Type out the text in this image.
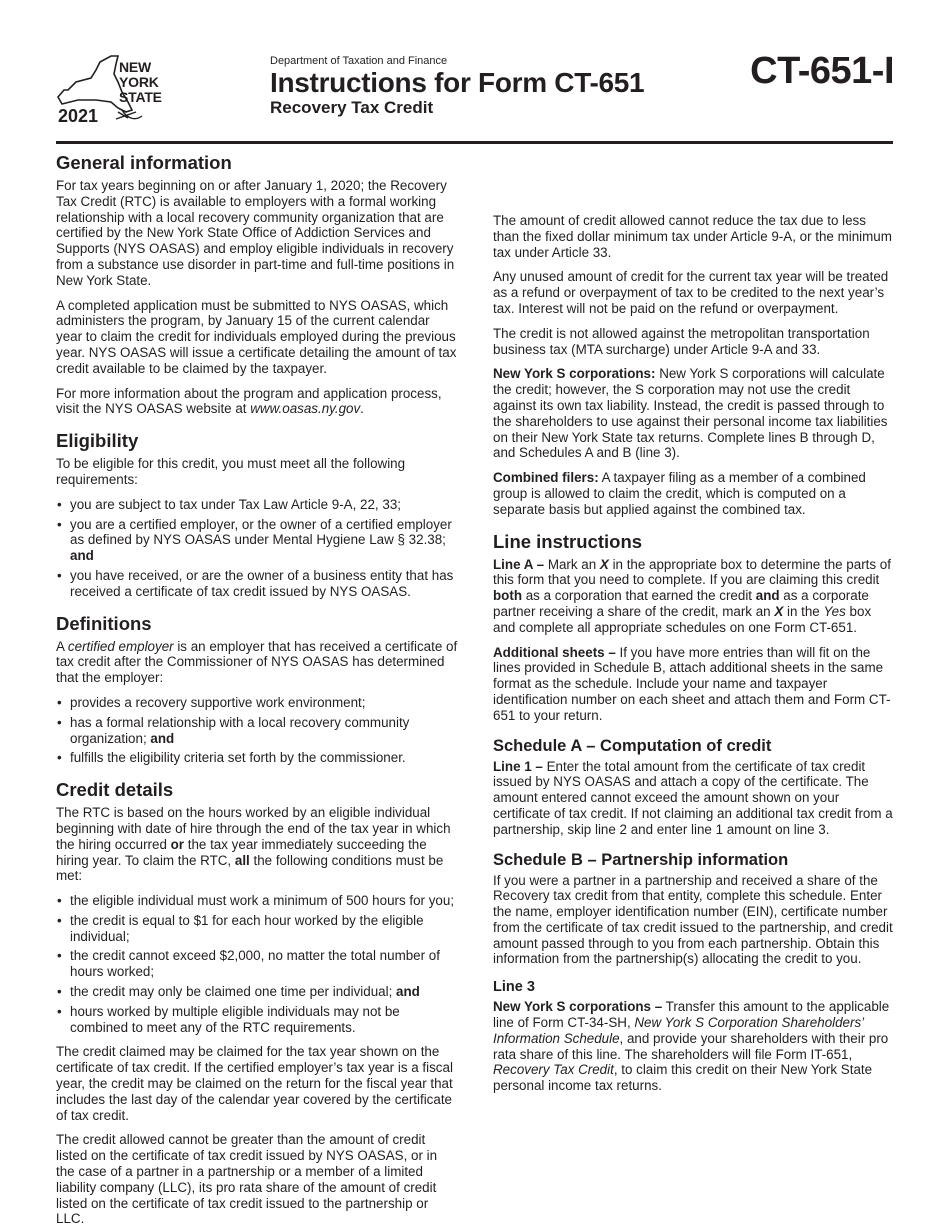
NEW YORK STATE
2021
Department of Taxation and Finance
Instructions for Form CT-651
Recovery Tax Credit
CT-651-I
General information

For tax years beginning on or after January 1, 2020; the Recovery Tax Credit (RTC) is available to employers with a formal working relationship with a local recovery community organization that are certified by the New York State Office of Addiction Services and Supports (NYS OASAS) and employ eligible individuals in recovery from a substance use disorder in part-time and full-time positions in New York State.

A completed application must be submitted to NYS OASAS, which administers the program, by January 15 of the current calendar year to claim the credit for individuals employed during the previous year. NYS OASAS will issue a certificate detailing the amount of tax credit available to be claimed by the taxpayer.

For more information about the program and application process, visit the NYS OASAS website at www.oasas.ny.gov.

Eligibility

To be eligible for this credit, you must meet all the following requirements:

• you are subject to tax under Tax Law Article 9-A, 22, 33;
• you are a certified employer, or the owner of a certified employer as defined by NYS OASAS under Mental Hygiene Law § 32.38; and
• you have received, or are the owner of a business entity that has received a certificate of tax credit issued by NYS OASAS.
Definitions

A certified employer is an employer that has received a certificate of tax credit after the Commissioner of NYS OASAS has determined that the employer:

• provides a recovery supportive work environment;
• has a formal relationship with a local recovery community organization; and
• fulfills the eligibility criteria set forth by the commissioner.
Credit details

The RTC is based on the hours worked by an eligible individual beginning with date of hire through the end of the tax year in which the hiring occurred or the tax year immediately succeeding the hiring year. To claim the RTC, all the following conditions must be met:

• the eligible individual must work a minimum of 500 hours for you;
• the credit is equal to $1 for each hour worked by the eligible individual;
• the credit cannot exceed $2,000, no matter the total number of hours worked;
• the credit may only be claimed one time per individual; and
• hours worked by multiple eligible individuals may not be combined to meet any of the RTC requirements.

The credit claimed may be claimed for the tax year shown on the certificate of tax credit. If the certified employer’s tax year is a fiscal year, the credit may be claimed on the return for the fiscal year that includes the last day of the calendar year covered by the certificate of tax credit.

The credit allowed cannot be greater than the amount of credit listed on the certificate of tax credit issued by NYS OASAS, or in the case of a partner in a partnership or a member of a limited liability company (LLC), its pro rata share of the amount of credit listed on the certificate of tax credit issued to the partnership or LLC.

The amount of credit allowed cannot reduce the tax due to less than the fixed dollar minimum tax under Article 9-A, or the minimum tax under Article 33.

Any unused amount of credit for the current tax year will be treated as a refund or overpayment of tax to be credited to the next year’s tax. Interest will not be paid on the refund or overpayment.

The credit is not allowed against the metropolitan transportation business tax (MTA surcharge) under Article 9-A and 33.

New York S corporations: New York S corporations will calculate the credit; however, the S corporation may not use the credit against its own tax liability. Instead, the credit is passed through to the shareholders to use against their personal income tax liabilities on their New York State tax returns. Complete lines B through D, and Schedules A and B (line 3).

Combined filers: A taxpayer filing as a member of a combined group is allowed to claim the credit, which is computed on a separate basis but applied against the combined tax.

Line instructions

Line A – Mark an X in the appropriate box to determine the parts of this form that you need to complete. If you are claiming this credit both as a corporation that earned the credit and as a corporate partner receiving a share of the credit, mark an X in the Yes box and complete all appropriate schedules on one Form CT-651.

Additional sheets – If you have more entries than will fit on the lines provided in Schedule B, attach additional sheets in the same format as the schedule. Include your name and taxpayer identification number on each sheet and attach them and Form CT-651 to your return.

Schedule A – Computation of credit

Line 1 – Enter the total amount from the certificate of tax credit issued by NYS OASAS and attach a copy of the certificate. The amount entered cannot exceed the amount shown on your certificate of tax credit. If not claiming an additional tax credit from a partnership, skip line 2 and enter line 1 amount on line 3.

Schedule B – Partnership information

If you were a partner in a partnership and received a share of the Recovery tax credit from that entity, complete this schedule. Enter the name, employer identification number (EIN), certificate number from the certificate of tax credit issued to the partnership, and credit amount passed through to you from each partnership. Obtain this information from the partnership(s) allocating the credit to you.

Line 3

New York S corporations – Transfer this amount to the applicable line of Form CT-34-SH, New York S Corporation Shareholders’ Information Schedule, and provide your shareholders with their pro rata share of this line. The shareholders will file Form IT-651, Recovery Tax Credit, to claim this credit on their New York State personal income tax returns.
